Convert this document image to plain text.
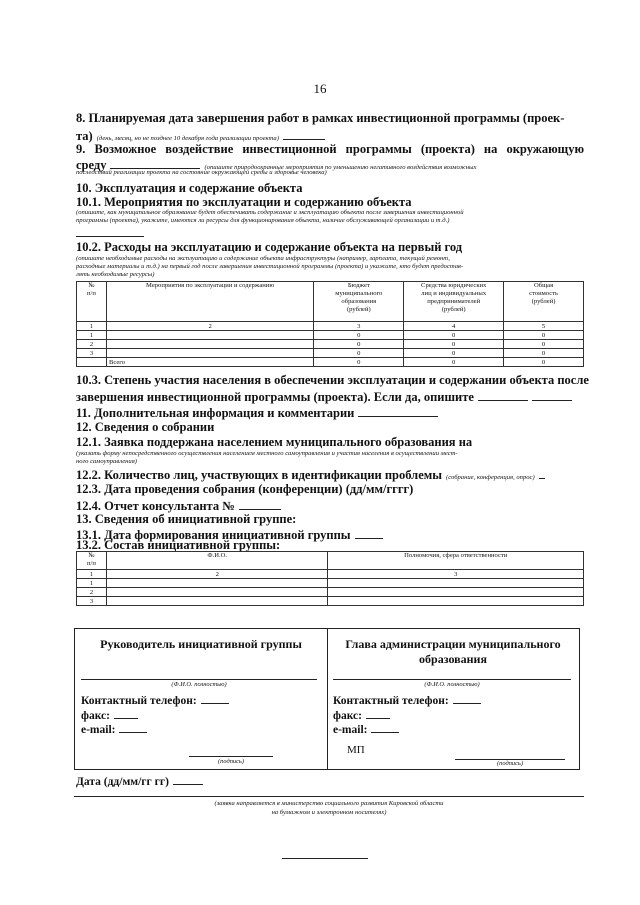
16
8. Планируемая дата завершения работ в рамках инвестиционной программы (проек-
та) (день, месяц, но не позднее 10 декабря года реализации проекта)
9. Возможное воздействие инвестиционной программы (проекта) на окружающую
среду	(опишите природоохранные мероприятия по уменьшению негативного воздействия возможных
последствий реализации проекта на состояние окружающей среды и здоровье человека)
10. Эксплуатация и содержание объекта
10.1. Мероприятия по эксплуатации и содержанию объекта
(опишите, как муниципальное образование будет обеспечивать содержание и эксплуатацию объекта после завершения инвестиционной
программы (проекта), укажите, имеются ли ресурсы для функционирования объекта, наличие обслуживающей организации и т.д.)
10.2. Расходы на эксплуатацию и содержание объекта на первый год
(опишите необходимые расходы на эксплуатацию и содержание объекта инфраструктуры (например, зарплата, текущий ремонт,
расходные материалы и т.д.) на первый год после завершения инвестиционной программы (проекта) и укажите, кто будет предостав-
лять необходимые ресурсы)
№
п/п	Мероприятия по эксплуатации и содержанию	Бюджет
муниципального
образования
(рублей)	Средства юридических
лиц и индивидуальных
предпринимателей
(рублей)	Общая
стоимость
(рублей)
1	2	3	4	5
1		0	0	0
2		0	0	0
3		0	0	0
	Всего	0	0	0
10.3. Степень участия населения в обеспечении эксплуатации и содержании объекта после
завершения инвестиционной программы (проекта). Если да, опишите
11. Дополнительная информация и комментарии
12. Сведения о собрании
12.1. Заявка поддержана населением муниципального образования на
(указать форму непосредственного осуществления населением местного самоуправления и участия населения в осуществлении мест-
ного самоуправления)
12.2. Количество лиц, участвующих в идентификации проблемы (собрание, конференция, опрос)
12.3. Дата проведения собрания (конференции) (дд/мм/гггг)
12.4. Отчет консультанта №
13. Сведения об инициативной группе:
13.1. Дата формирования инициативной группы
13.2. Состав инициативной группы:
№
п/п	Ф.И.О.	Полномочия, сфера ответственности
1	2	3
1		
2		
3		
Руководитель инициативной группы
(Ф.И.О. полностью)
Контактный телефон:
факс:
e-mail:
(подпись)
Глава администрации муниципального
образования
(Ф.И.О. полностью)
Контактный телефон:
факс:
e-mail:
МП
(подпись)
Дата (дд/мм/гг гг)
(заявка направляется в министерство социального развития Кировской области
на бумажном и электронном носителях)
